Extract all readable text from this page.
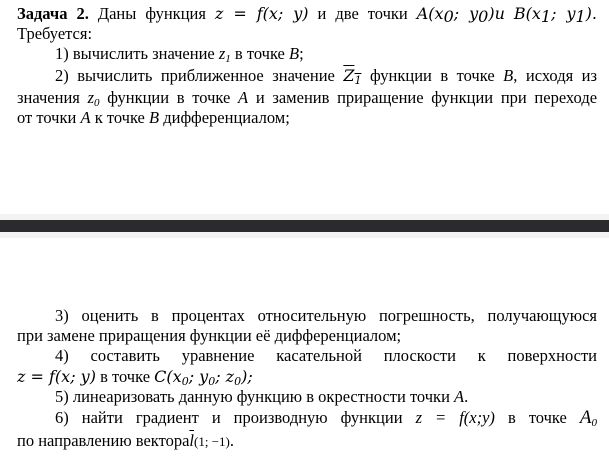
Задача 2. Даны функция z = f(x; y) и две точки $A(x_0$; $y_0)и$ $B(x_1$; $y_1$).
Требуется:
1) вычислить значение $z_1$ в точке B;
2) вычислить приближенное значение $Z_1$ функции в точке B, исходя из
значения $z_0$ функции в точке A и заменив приращение функции при переходе
от точки A к точке B дифференциалом;
3) оценить в процентах относительную погрешность, получающуюся
при замене приращения функции её дифференциалом;
4) составить уравнение касательной плоскости к поверхности
z = f(x; y) в точке $C(x_0$; $y_0$; $z_0$);
5) линеаризовать данную функцию в окрестности точки A.
6) найти градиент и производную функции z = f(x;y) в точке $A_0$
по направлению $вектора\overline{l}(1$; −1).
